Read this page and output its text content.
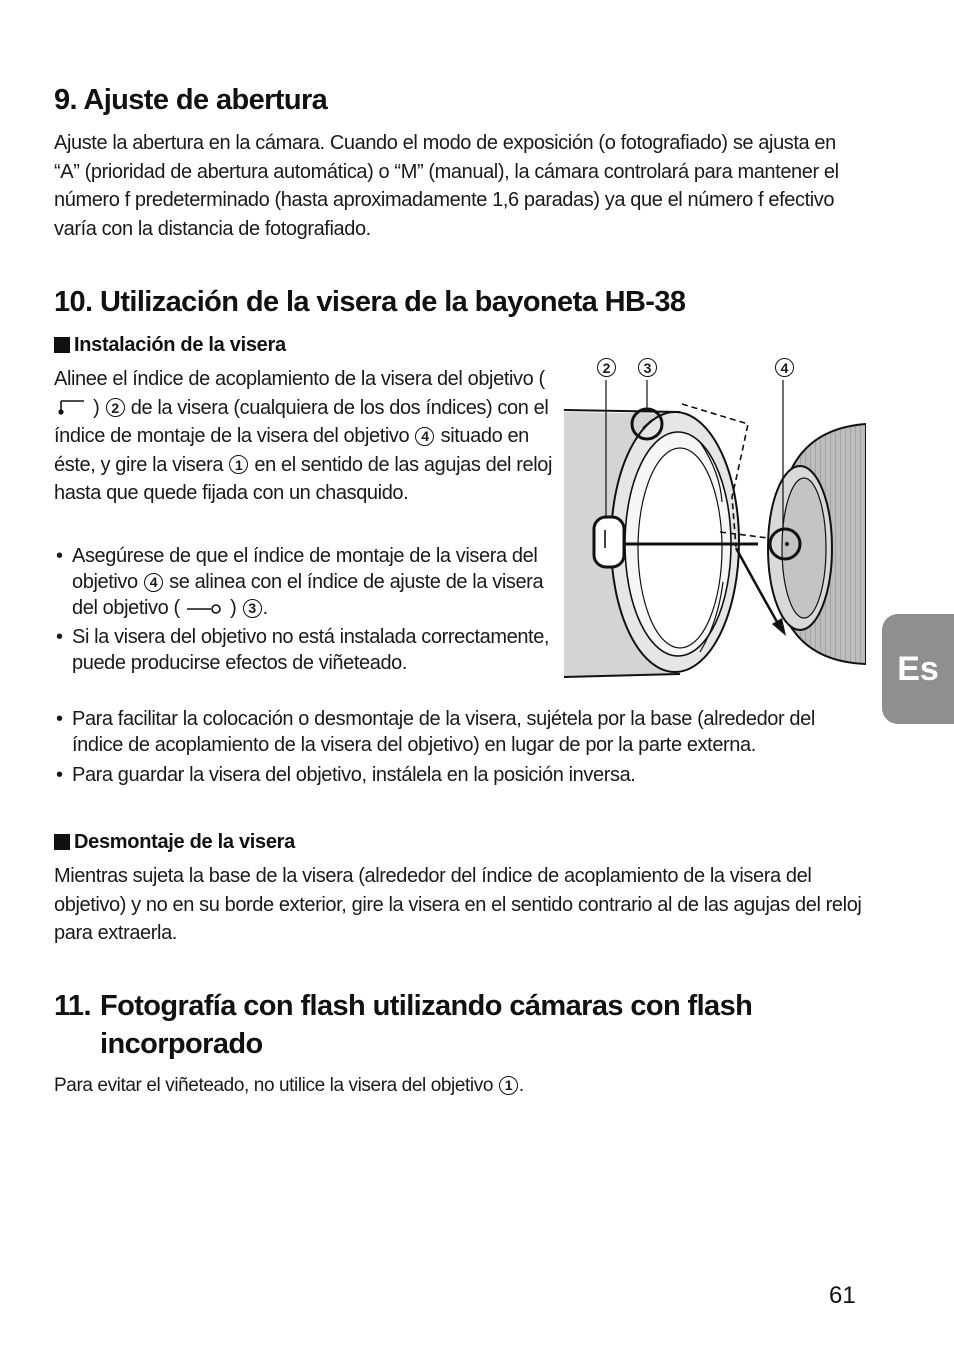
9. Ajuste de abertura

Ajuste la abertura en la cámara. Cuando el modo de exposición (o fotografiado) se ajusta en “A” (prioridad de abertura automática) o “M” (manual), la cámara controlará para mantener el número f predeterminado (hasta aproximadamente 1,6 paradas) ya que el número f efectivo varía con la distancia de fotografiado.

10. Utilización de la visera de la bayoneta HB-38
Instalación de la visera

Alinee el índice de acoplamiento de la visera del objetivo (  ) 2 de la visera (cualquiera de los dos índices) con el índice de montaje de la visera del objetivo 4 situado en éste, y gire la visera 1 en el sentido de las agujas del reloj hasta que quede fijada con un chasquido.

• Asegúrese de que el índice de montaje de la visera del objetivo 4 se alinea con el índice de ajuste de la visera del objetivo (	) 3 .

• Si la visera del objetivo no está instalada correctamente, puede producirse efectos de viñeteado.

• Para facilitar la colocación o desmontaje de la visera, sujétela por la base (alrededor del índice de acoplamiento de la visera del objetivo) en lugar de por la parte externa.

• Para guardar la visera del objetivo, instálela en la posición inversa.

2	3	4
Desmontaje de la visera

Mientras sujeta la base de la visera (alrededor del índice de acoplamiento de la visera del objetivo) y no en su borde exterior, gire la visera en el sentido contrario al de las agujas del reloj para extraerla.

11. Fotografía con flash utilizando cámaras con flash incorporado

Para evitar el viñeteado, no utilice la visera del objetivo 1 .

Es
61
